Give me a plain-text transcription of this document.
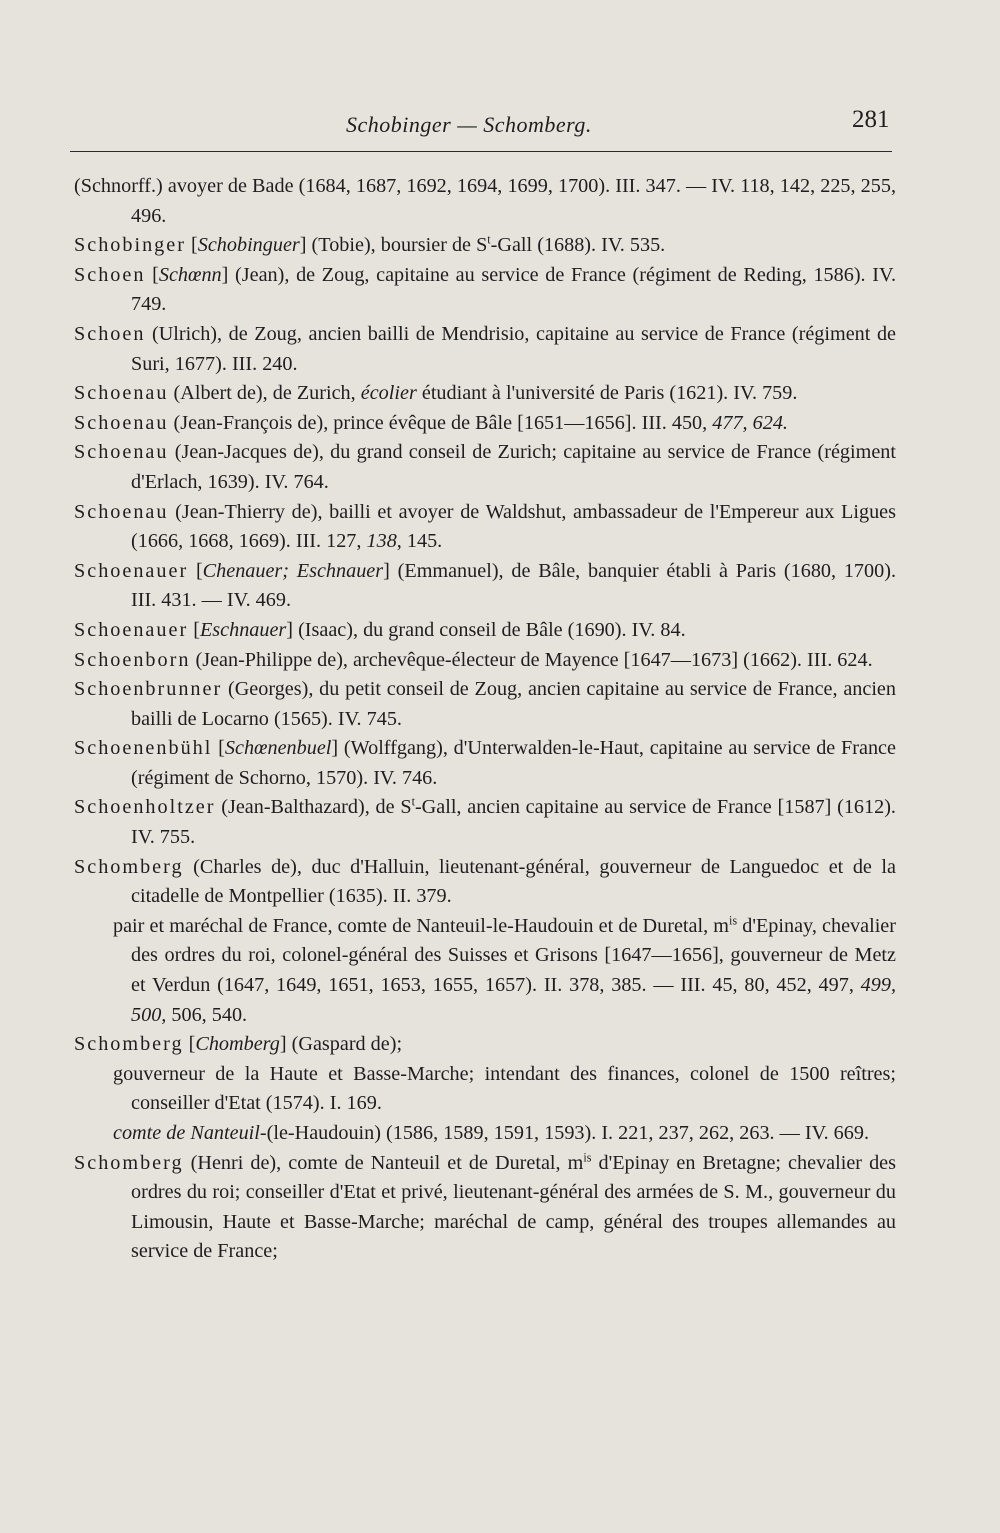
Schobinger — Schomberg.	281

(Schnorff.) avoyer de Bade (1684, 1687, 1692, 1694, 1699, 1700). III. 347. — IV. 118, 142, 225, 255, 496.

Schobinger [Schobinguer] (Tobie), boursier de $S^t$-Gall (1688). IV. 535.

Schoen [Schœnn] (Jean), de Zoug, capitaine au service de France (régiment de Reding, 1586). IV. 749.

Schoen (Ulrich), de Zoug, ancien bailli de Mendrisio, capitaine au service de France (régiment de Suri, 1677). III. 240.

Schoenau (Albert de), de Zurich, écolier étudiant à l'université de Paris (1621). IV. 759.

Schoenau (Jean-François de), prince évêque de Bâle [1651—1656]. III. 450, 477, 624.

Schoenau (Jean-Jacques de), du grand conseil de Zurich; capitaine au service de France (régiment d'Erlach, 1639). IV. 764.

Schoenau (Jean-Thierry de), bailli et avoyer de Waldshut, ambassadeur de l'Empereur aux Ligues (1666, 1668, 1669). III. 127, 138, 145.

Schoenauer [Chenauer; Eschnauer] (Emmanuel), de Bâle, banquier établi à Paris (1680, 1700). III. 431. — IV. 469.

Schoenauer [Eschnauer] (Isaac), du grand conseil de Bâle (1690). IV. 84.

Schoenborn (Jean-Philippe de), archevêque-électeur de Mayence [1647—1673] (1662). III. 624.

Schoenbrunner (Georges), du petit conseil de Zoug, ancien capitaine au service de France, ancien bailli de Locarno (1565). IV. 745.

Schoenenbühl [Schœnenbuel] (Wolffgang), d'Unterwalden-le-Haut, capitaine au service de France (régiment de Schorno, 1570). IV. 746.

Schoenholtzer (Jean-Balthazard), de $S^t$-Gall, ancien capitaine au service de France [1587] (1612). IV. 755.

Schomberg (Charles de), duc d'Halluin, lieutenant-général, gouverneur de Languedoc et de la citadelle de Montpellier (1635). II. 379.

pair et maréchal de France, comte de Nanteuil-le-Haudouin et de Duretal, $m^{is}$ d'Epinay, chevalier des ordres du roi, colonel-général des Suisses et Grisons [1647—1656], gouverneur de Metz et Verdun (1647, 1649, 1651, 1653, 1655, 1657). II. 378, 385. — III. 45, 80, 452, 497, 499, 500, 506, 540.

Schomberg [Chomberg] (Gaspard de);

gouverneur de la Haute et Basse-Marche; intendant des finances, colonel de 1500 reîtres; conseiller d'Etat (1574). I. 169.

comte de Nanteuil-(le-Haudouin) (1586, 1589, 1591, 1593). I. 221, 237, 262, 263. — IV. 669.

Schomberg (Henri de), comte de Nanteuil et de Duretal, $m^{is}$ d'Epinay en Bretagne; chevalier des ordres du roi; conseiller d'Etat et privé, lieutenant-général des armées de S. M., gouverneur du Limousin, Haute et Basse-Marche; maréchal de camp, général des troupes allemandes au service de France;
